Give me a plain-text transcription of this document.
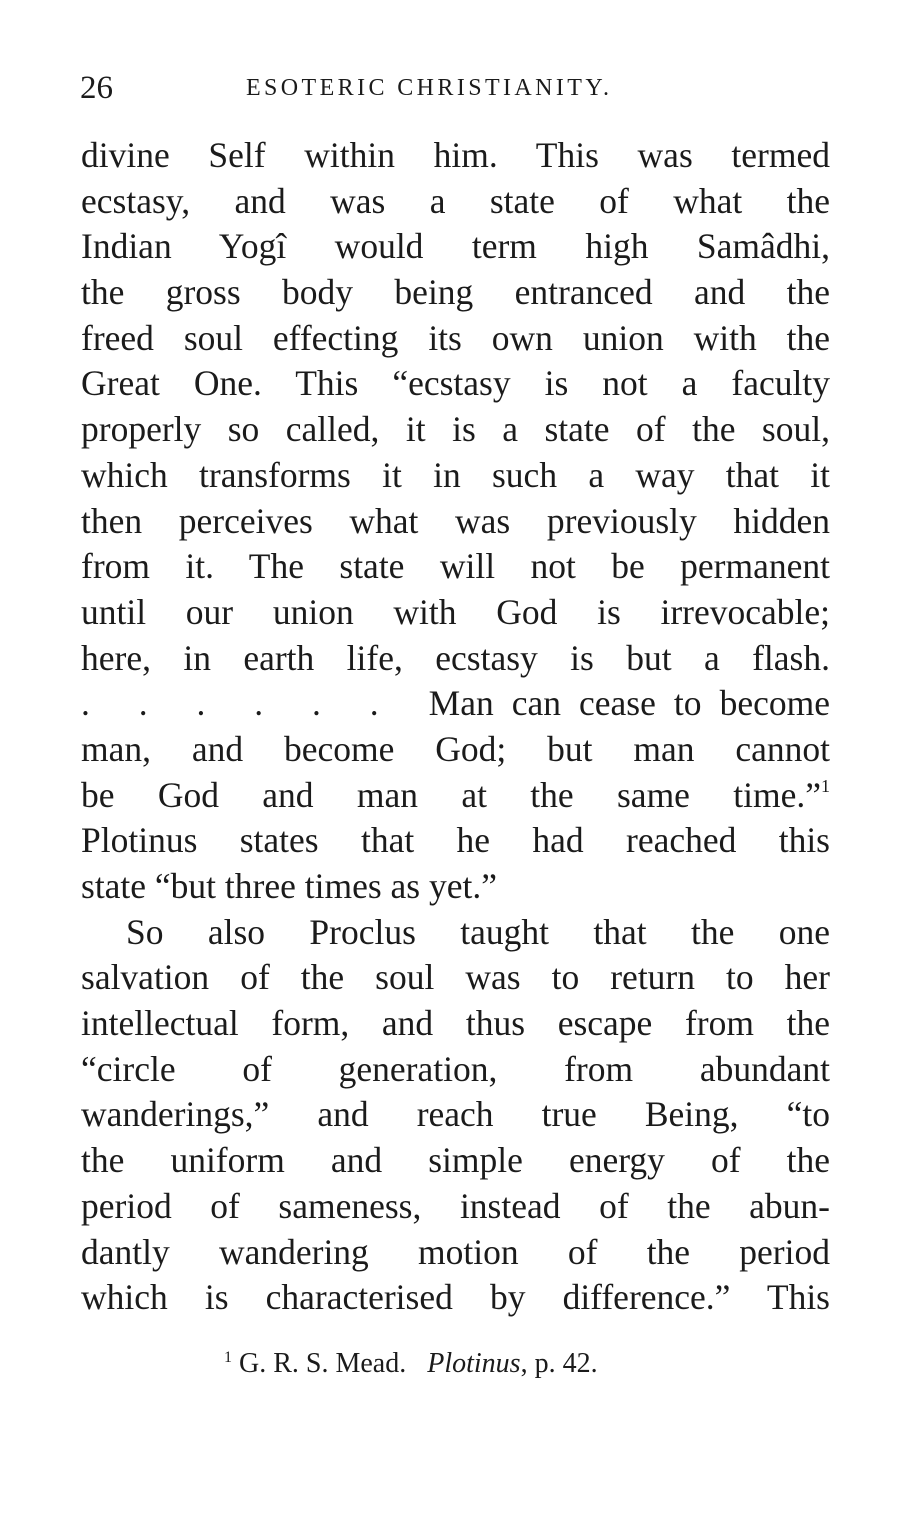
26	ESOTERIC CHRISTIANITY.
divine Self within him. This was termed
ecstasy, and was a state of what the
Indian Yogî would term high Samâdhi,
the gross body being entranced and the
freed soul effecting its own union with the
Great One. This “ecstasy is not a faculty
properly so called, it is a state of the soul,
which transforms it in such a way that it
then perceives what was previously hidden
from it. The state will not be permanent
until our union with God is irrevocable;
here, in earth life, ecstasy is but a flash.
. . . . . . Man can cease to become
man, and become God; but man cannot
be God and man at the same time.”$^1$
Plotinus states that he had reached this
state “but three times as yet.”
So also Proclus taught that the one
salvation of the soul was to return to her
intellectual form, and thus escape from the
“circle of generation, from abundant
wanderings,” and reach true Being, “to
the uniform and simple energy of the
period of sameness, instead of the abun-
dantly wandering motion of the period
which is characterised by difference.” This
$^1$ G. R. S. Mead. Plotinus, p. 42.
